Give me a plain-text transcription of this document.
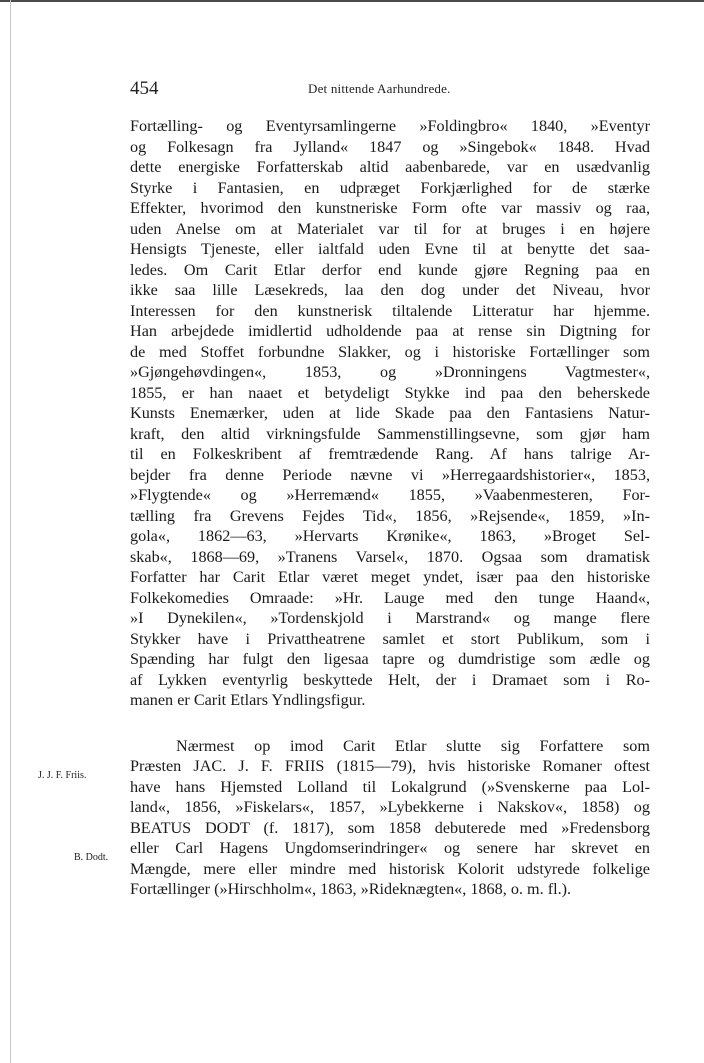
454	Det nittende Aarhundrede.
J. J. F. Friis.
B. Dodt.
Fortælling- og Eventyrsamlingerne »Foldingbro« 1840, »Eventyr
og Folkesagn fra Jylland« 1847 og »Singebok« 1848. Hvad
dette energiske Forfatterskab altid aabenbarede, var en usædvanlig
Styrke i Fantasien, en udpræget Forkjærlighed for de stærke
Effekter, hvorimod den kunstneriske Form ofte var massiv og raa,
uden Anelse om at Materialet var til for at bruges i en højere
Hensigts Tjeneste, eller ialtfald uden Evne til at benytte det saa-
ledes. Om Carit Etlar derfor end kunde gjøre Regning paa en
ikke saa lille Læsekreds, laa den dog under det Niveau, hvor
Interessen for den kunstnerisk tiltalende Litteratur har hjemme.
Han arbejdede imidlertid udholdende paa at rense sin Digtning for
de med Stoffet forbundne Slakker, og i historiske Fortællinger som
»Gjøngehøvdingen«, 1853, og »Dronningens Vagtmester«,
1855, er han naaet et betydeligt Stykke ind paa den beherskede
Kunsts Enemærker, uden at lide Skade paa den Fantasiens Natur-
kraft, den altid virkningsfulde Sammenstillingsevne, som gjør ham
til en Folkeskribent af fremtrædende Rang. Af hans talrige Ar-
bejder fra denne Periode nævne vi »Herregaardshistorier«, 1853,
»Flygtende« og »Herremænd« 1855, »Vaabenmesteren, For-
tælling fra Grevens Fejdes Tid«, 1856, »Rejsende«, 1859, »In-
gola«, 1862—63, »Hervarts Krønike«, 1863, »Broget Sel-
skab«, 1868—69, »Tranens Varsel«, 1870. Ogsaa som dramatisk
Forfatter har Carit Etlar været meget yndet, især paa den historiske
Folkekomedies Omraade: »Hr. Lauge med den tunge Haand«,
»I Dynekilen«, »Tordenskjold i Marstrand« og mange flere
Stykker have i Privattheatrene samlet et stort Publikum, som i
Spænding har fulgt den ligesaa tapre og dumdristige som ædle og
af Lykken eventyrlig beskyttede Helt, der i Dramaet som i Ro-
manen er Carit Etlars Yndlingsfigur.
Nærmest op imod Carit Etlar slutte sig Forfattere som
Præsten JAC. J. F. FRIIS (1815—79), hvis historiske Romaner oftest
have hans Hjemsted Lolland til Lokalgrund (»Svenskerne paa Lol-
land«, 1856, »Fiskelars«, 1857, »Lybekkerne i Nakskov«, 1858) og
BEATUS DODT (f. 1817), som 1858 debuterede med »Fredensborg
eller Carl Hagens Ungdomserindringer« og senere har skrevet en
Mængde, mere eller mindre med historisk Kolorit udstyrede folkelige
Fortællinger (»Hirschholm«, 1863, »Rideknægten«, 1868, o. m. fl.).
